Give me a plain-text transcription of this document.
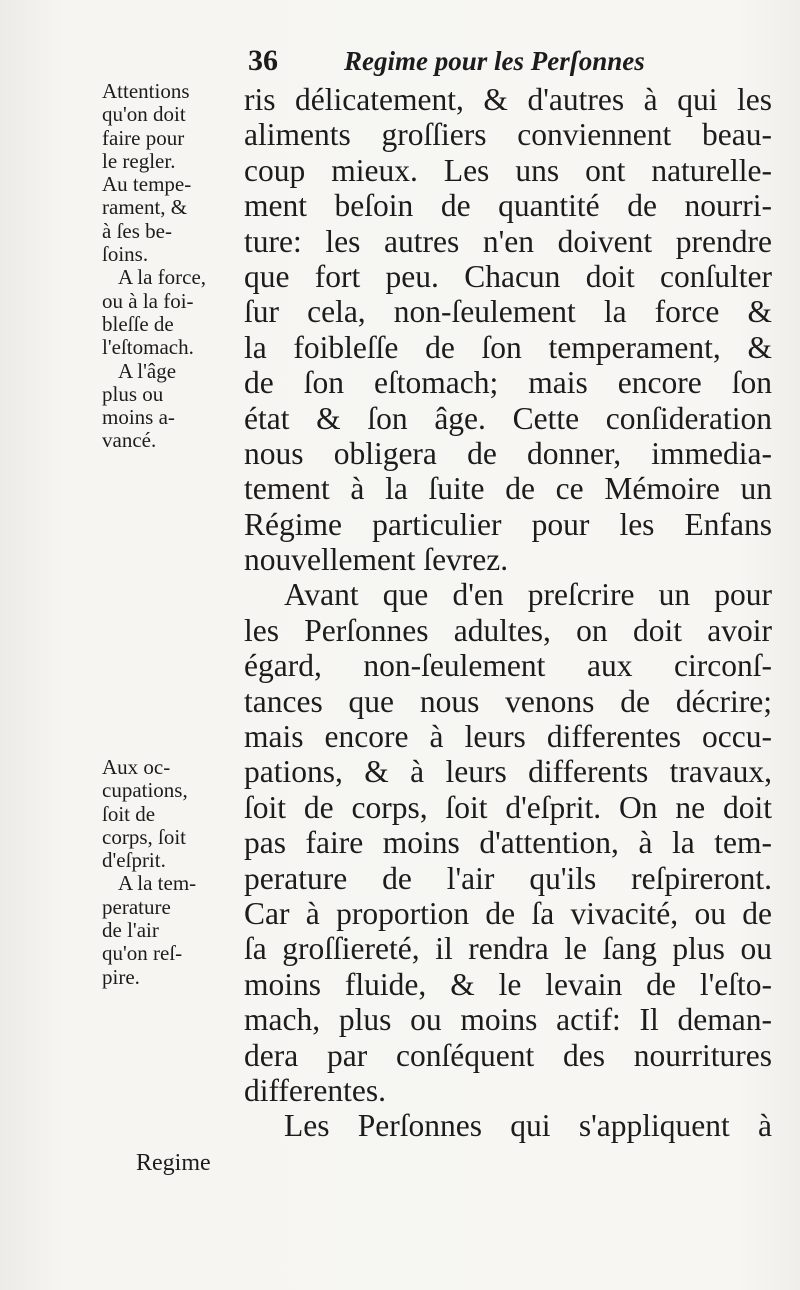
36 Regime pour les Perſonnes
Attentions
qu'on doit
faire pour
le regler.
Au tempe-
rament, &
à ſes be-
ſoins.
A la force,
ou à la foi-
bleſſe de
l'eſtomach.
A l'âge
plus ou
moins a-
vancé.
Aux oc-
cupations,
ſoit de
corps, ſoit
d'eſprit.
A la tem-
perature
de l'air
qu'on reſ-
pire.
ris délicatement, & d'autres à qui les
aliments groſſiers conviennent beau-
coup mieux. Les uns ont naturelle-
ment beſoin de quantité de nourri-
ture: les autres n'en doivent prendre
que fort peu. Chacun doit conſulter
ſur cela, non-ſeulement la force &
la foibleſſe de ſon temperament, &
de ſon eſtomach; mais encore ſon
état & ſon âge. Cette conſideration
nous obligera de donner, immedia-
tement à la ſuite de ce Mémoire un
Régime particulier pour les Enfans
nouvellement ſevrez.
Avant que d'en preſcrire un pour
les Perſonnes adultes, on doit avoir
égard, non-ſeulement aux circonſ-
tances que nous venons de décrire;
mais encore à leurs differentes occu-
pations, & à leurs differents travaux,
ſoit de corps, ſoit d'eſprit. On ne doit
pas faire moins d'attention, à la tem-
perature de l'air qu'ils reſpireront.
Car à proportion de ſa vivacité, ou de
ſa groſſiereté, il rendra le ſang plus ou
moins fluide, & le levain de l'eſto-
mach, plus ou moins actif: Il deman-
dera par conſéquent des nourritures
differentes.
Les Perſonnes qui s'appliquent à
Regime
